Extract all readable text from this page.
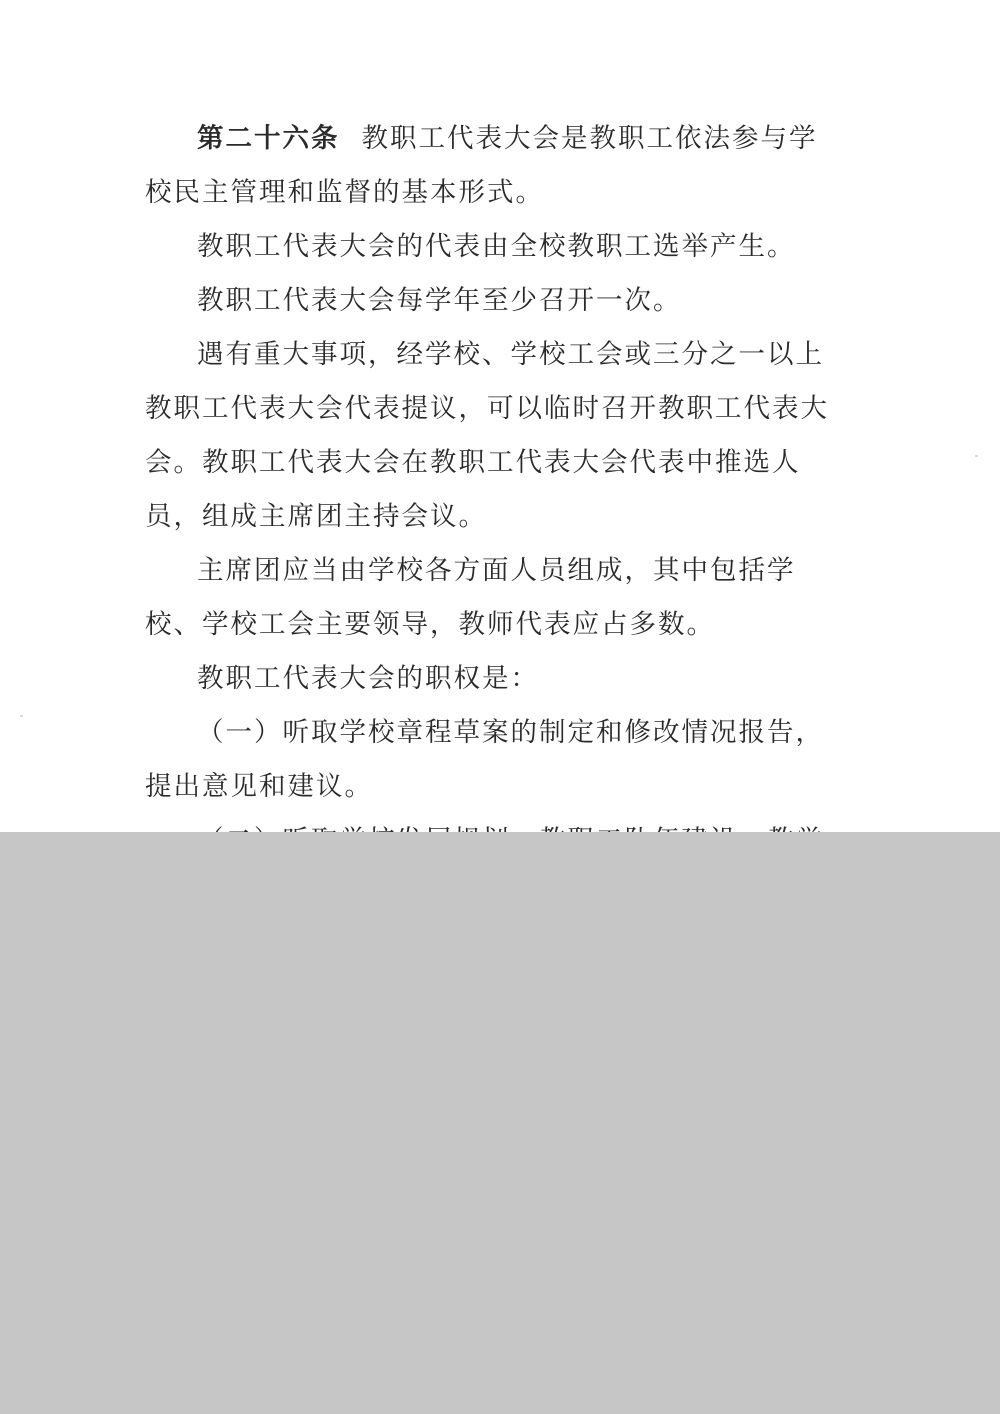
第二十六条 教职工代表大会是教职工依法参与学校民主管理和监督的基本形式。

教职工代表大会的代表由全校教职工选举产生。

教职工代表大会每学年至少召开一次。

遇有重大事项，经学校、学校工会或三分之一以上教职工代表大会代表提议，可以临时召开教职工代表大会。教职工代表大会在教职工代表大会代表中推选人员，组成主席团主持会议。

主席团应当由学校各方面人员组成，其中包括学校、学校工会主要领导，教师代表应占多数。

教职工代表大会的职权是：

（一）听取学校章程草案的制定和修改情况报告，提出意见和建议。
